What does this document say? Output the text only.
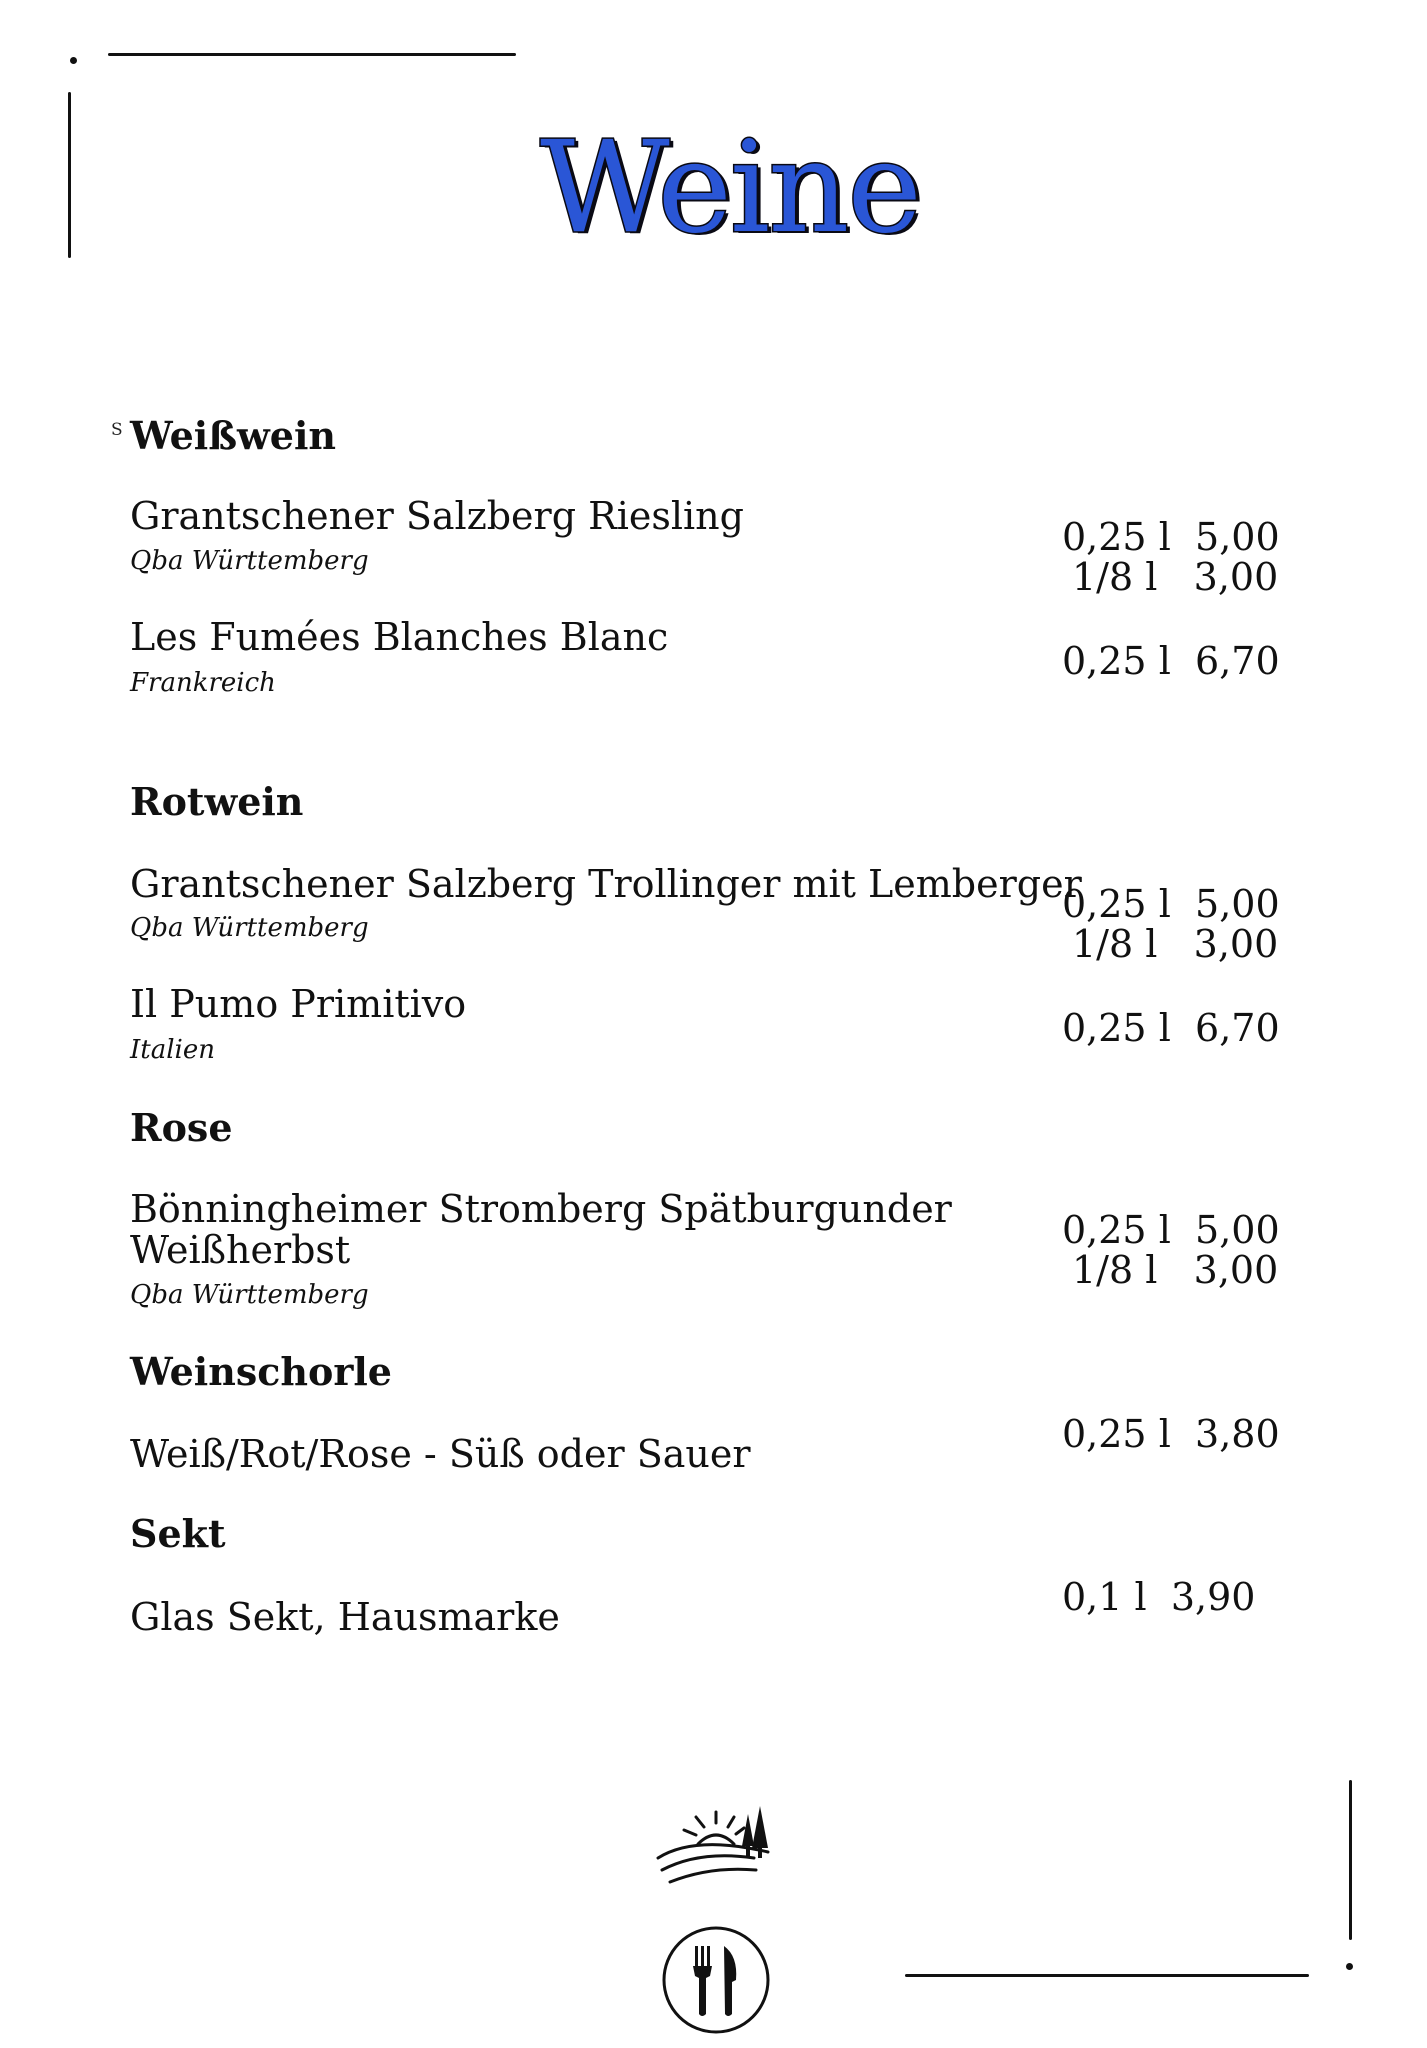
Weine
S Weißwein
Grantschener Salzberg Riesling
Qba Württemberg
0,25 l 5,00
1/8 l 3,00
Les Fumées Blanches Blanc
Frankreich	0,25 l 6,70
Rotwein
Grantschener Salzberg Trollinger mit Lemberger
Qba Württemberg
0,25 l 5,00
1/8 l 3,00
Il Pumo Primitivo
Italien	0,25 l 6,70
Rose
Bönningheimer Stromberg Spätburgunder
Weißherbst
Qba Württemberg
0,25 l 5,00
1/8 l 3,00
Weinschorle
Weiß/Rot/Rose - Süß oder Sauer	0,25 l 3,80
Sekt
Glas Sekt, Hausmarke	0,1 l 3,90
